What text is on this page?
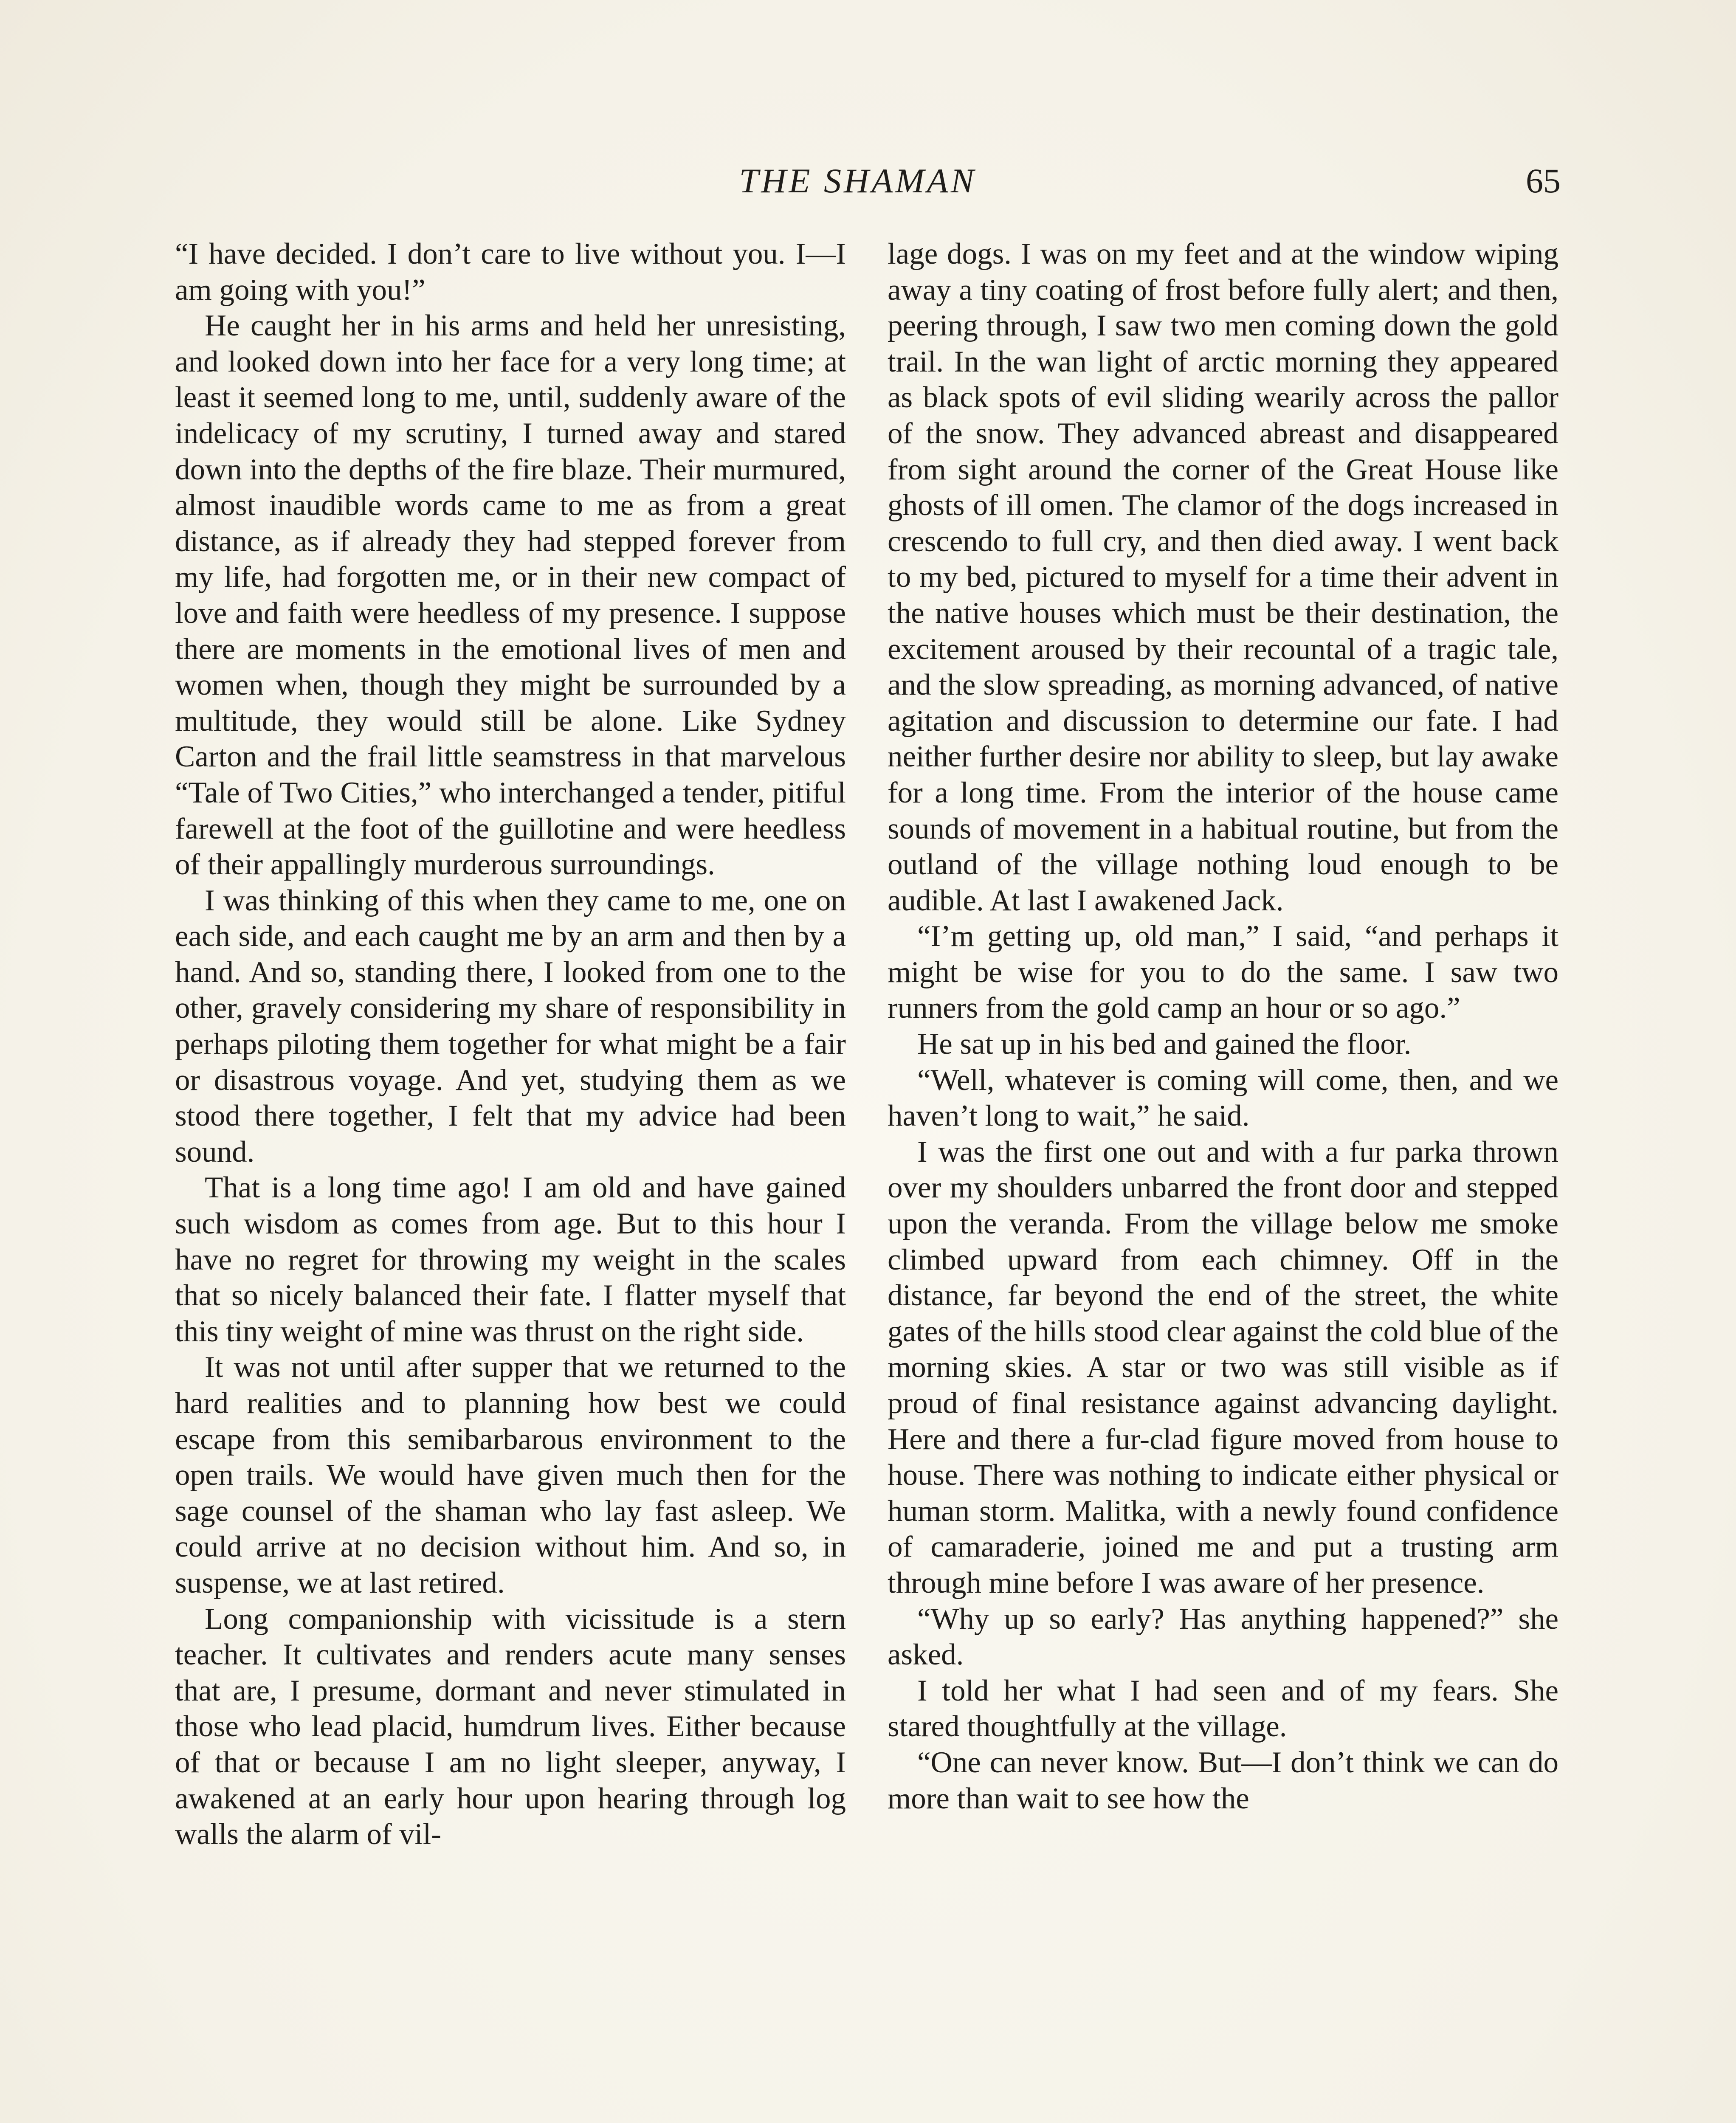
THE SHAMAN	65

“I have decided. I don’t care to live without you. I—I am going with you!”

He caught her in his arms and held her unresisting, and looked down into her face for a very long time; at least it seemed long to me, until, suddenly aware of the indelicacy of my scrutiny, I turned away and stared down into the depths of the fire blaze. Their murmured, almost inaudible words came to me as from a great distance, as if already they had stepped forever from my life, had forgotten me, or in their new compact of love and faith were heedless of my presence. I suppose there are moments in the emotional lives of men and women when, though they might be surrounded by a multitude, they would still be alone. Like Sydney Carton and the frail little seamstress in that marvelous “Tale of Two Cities,” who interchanged a tender, pitiful farewell at the foot of the guillotine and were heedless of their appallingly murderous surroundings.

I was thinking of this when they came to me, one on each side, and each caught me by an arm and then by a hand. And so, standing there, I looked from one to the other, gravely considering my share of responsibility in perhaps piloting them together for what might be a fair or disastrous voyage. And yet, studying them as we stood there together, I felt that my advice had been sound.

That is a long time ago! I am old and have gained such wisdom as comes from age. But to this hour I have no regret for throwing my weight in the scales that so nicely balanced their fate. I flatter myself that this tiny weight of mine was thrust on the right side.

It was not until after supper that we returned to the hard realities and to planning how best we could escape from this semibarbarous environment to the open trails. We would have given much then for the sage counsel of the shaman who lay fast asleep. We could arrive at no decision without him. And so, in suspense, we at last retired.

Long companionship with vicissitude is a stern teacher. It cultivates and renders acute many senses that are, I presume, dormant and never stimulated in those who lead placid, humdrum lives. Either because of that or because I am no light sleeper, anyway, I awakened at an early hour upon hearing through log walls the alarm of vil-

lage dogs. I was on my feet and at the window wiping away a tiny coating of frost before fully alert; and then, peering through, I saw two men coming down the gold trail. In the wan light of arctic morning they appeared as black spots of evil sliding wearily across the pallor of the snow. They advanced abreast and disappeared from sight around the corner of the Great House like ghosts of ill omen. The clamor of the dogs increased in crescendo to full cry, and then died away. I went back to my bed, pictured to myself for a time their advent in the native houses which must be their destination, the excitement aroused by their recountal of a tragic tale, and the slow spreading, as morning advanced, of native agitation and discussion to determine our fate. I had neither further desire nor ability to sleep, but lay awake for a long time. From the interior of the house came sounds of movement in a habitual routine, but from the outland of the village nothing loud enough to be audible. At last I awakened Jack.

“I’m getting up, old man,” I said, “and perhaps it might be wise for you to do the same. I saw two runners from the gold camp an hour or so ago.”

He sat up in his bed and gained the floor.

“Well, whatever is coming will come, then, and we haven’t long to wait,” he said.

I was the first one out and with a fur parka thrown over my shoulders unbarred the front door and stepped upon the veranda. From the village below me smoke climbed upward from each chimney. Off in the distance, far beyond the end of the street, the white gates of the hills stood clear against the cold blue of the morning skies. A star or two was still visible as if proud of final resistance against advancing daylight. Here and there a fur-clad figure moved from house to house. There was nothing to indicate either physical or human storm. Malitka, with a newly found confidence of camaraderie, joined me and put a trusting arm through mine before I was aware of her presence.

“Why up so early? Has anything happened?” she asked.

I told her what I had seen and of my fears. She stared thoughtfully at the village.

“One can never know. But—I don’t think we can do more than wait to see how the
